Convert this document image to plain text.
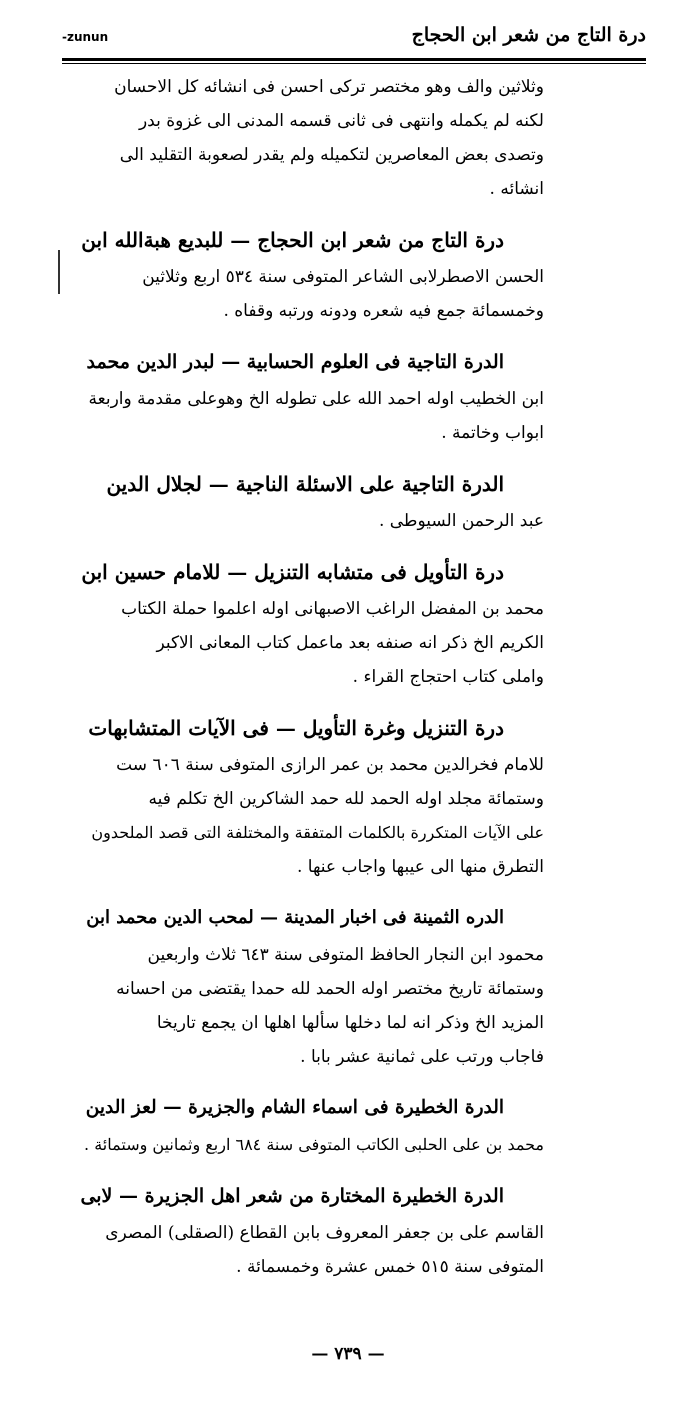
درة التاج من شعر ابن الحجاج
-zunun
وثلاثين والف وهو مختصر تركى احسن فى انشائه كل الاحسان
لكنه لم يكمله وانتهى فى ثانى قسمه المدنى الى غزوة بدر
وتصدى بعض المعاصرين لتكميله ولم يقدر لصعوبة التقليد الى
انشائه .
درة التاج من شعر ابن الحجاج — للبديع هبةالله ابن
الحسن الاصطرلابى الشاعر المتوفى سنة ٥٣٤ اربع وثلاثين
وخمسمائة جمع فيه شعره ودونه ورتبه وقفاه .
الدرة التاجية فى العلوم الحسابية — لبدر الدين محمد
ابن الخطيب اوله احمد الله على تطوله الخ وهوعلى مقدمة واربعة
ابواب وخاتمة .
الدرة التاجية على الاسئلة الناجية — لجلال الدين
عبد الرحمن السيوطى .
درة التأويل فى متشابه التنزيل — للامام حسين ابن
محمد بن المفضل الراغب الاصبهانى اوله اعلموا حملة الكتاب
الكريم الخ ذكر انه صنفه بعد ماعمل كتاب المعانى الاكبر
واملى كتاب احتجاج القراء .
درة التنزيل وغرة التأويل — فى الآيات المتشابهات
للامام فخرالدين محمد بن عمر الرازى المتوفى سنة ٦٠٦ ست
وستمائة مجلد اوله الحمد لله حمد الشاكرين الخ تكلم فيه
على الآيات المتكررة بالكلمات المتفقة والمختلفة التى قصد الملحدون
التطرق منها الى عيبها واجاب عنها .
الدره الثمينة فى اخبار المدينة — لمحب الدين محمد ابن
محمود ابن النجار الحافظ المتوفى سنة ٦٤٣ ثلاث واربعين
وستمائة تاريخ مختصر اوله الحمد لله حمدا يقتضى من احسانه
المزيد الخ وذكر انه لما دخلها سألها اهلها ان يجمع تاريخا
فاجاب ورتب على ثمانية عشر بابا .
الدرة الخطيرة فى اسماء الشام والجزيرة — لعز الدين
محمد بن على الحلبى الكاتب المتوفى سنة ٦٨٤ اربع وثمانين وستمائة .
الدرة الخطيرة المختارة من شعر اهل الجزيرة — لابى
القاسم على بن جعفر المعروف بابن القطاع (الصقلى) المصرى
المتوفى سنة ٥١٥ خمس عشرة وخمسمائة .
— ٧٣٩ —
